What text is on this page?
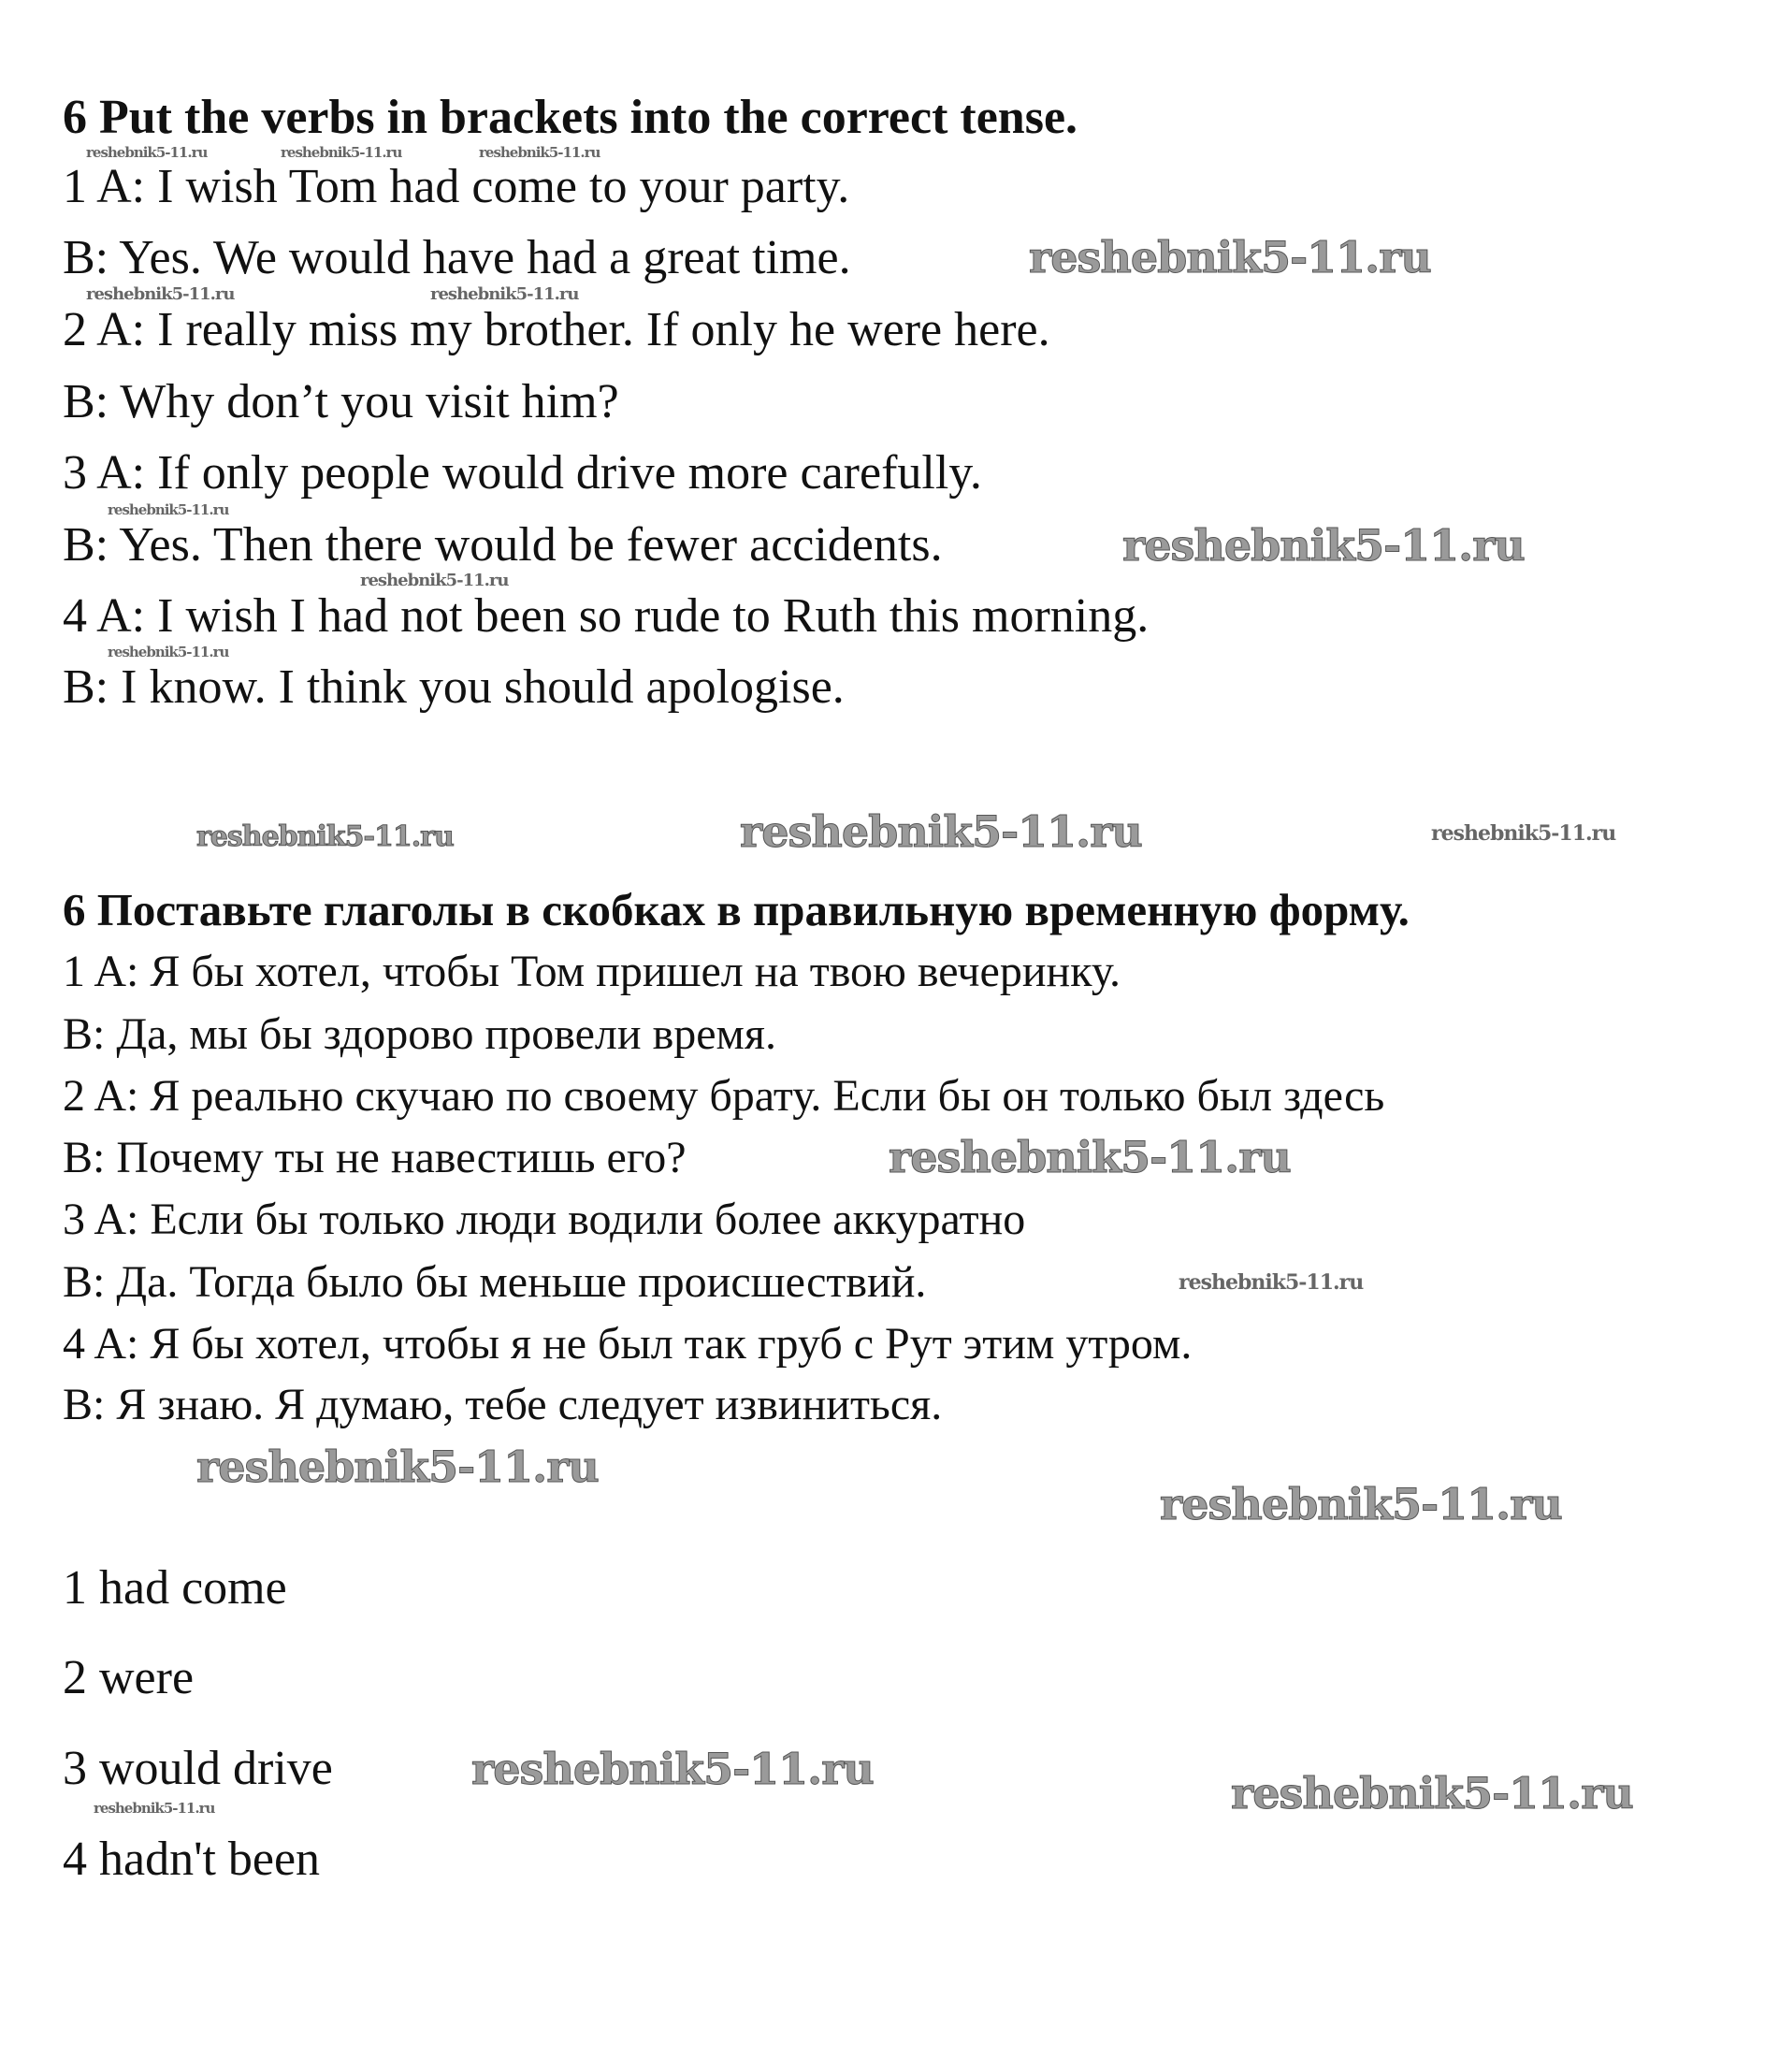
6 Put the verbs in brackets into the correct tense.
1 A: I wish Tom had come to your party.
B: Yes. We would have had a great time.
2 A: I really miss my brother. If only he were here.
B: Why don’t you visit him?
3 A: If only people would drive more carefully.
B: Yes. Then there would be fewer accidents.
4 A: I wish I had not been so rude to Ruth this morning.
B: I know. I think you should apologise.
6 Поставьте глаголы в скобках в правильную временную форму.
1 A: Я бы хотел, чтобы Том пришел на твою вечеринку.
B: Да, мы бы здорово провели время.
2 A: Я реально скучаю по своему брату. Если бы он только был здесь
B: Почему ты не навестишь его?
3 A: Если бы только люди водили более аккуратно
B: Да. Тогда было бы меньше происшествий.
4 A: Я бы хотел, чтобы я не был так груб с Рут этим утром.
B: Я знаю. Я думаю, тебе следует извиниться.
1 had come
2 were
3 would drive
4 hadn't been
reshebnik5-11.ru	reshebnik5-11.ru	reshebnik5-11.ru
reshebnik5-11.ru
reshebnik5-11.ru	reshebnik5-11.ru
reshebnik5-11.ru
reshebnik5-11.ru
reshebnik5-11.ru
reshebnik5-11.ru
reshebnik5-11.ru	reshebnik5-11.ru	reshebnik5-11.ru
reshebnik5-11.ru
reshebnik5-11.ru
reshebnik5-11.ru
reshebnik5-11.ru
reshebnik5-11.ru
reshebnik5-11.ru	reshebnik5-11.ru
